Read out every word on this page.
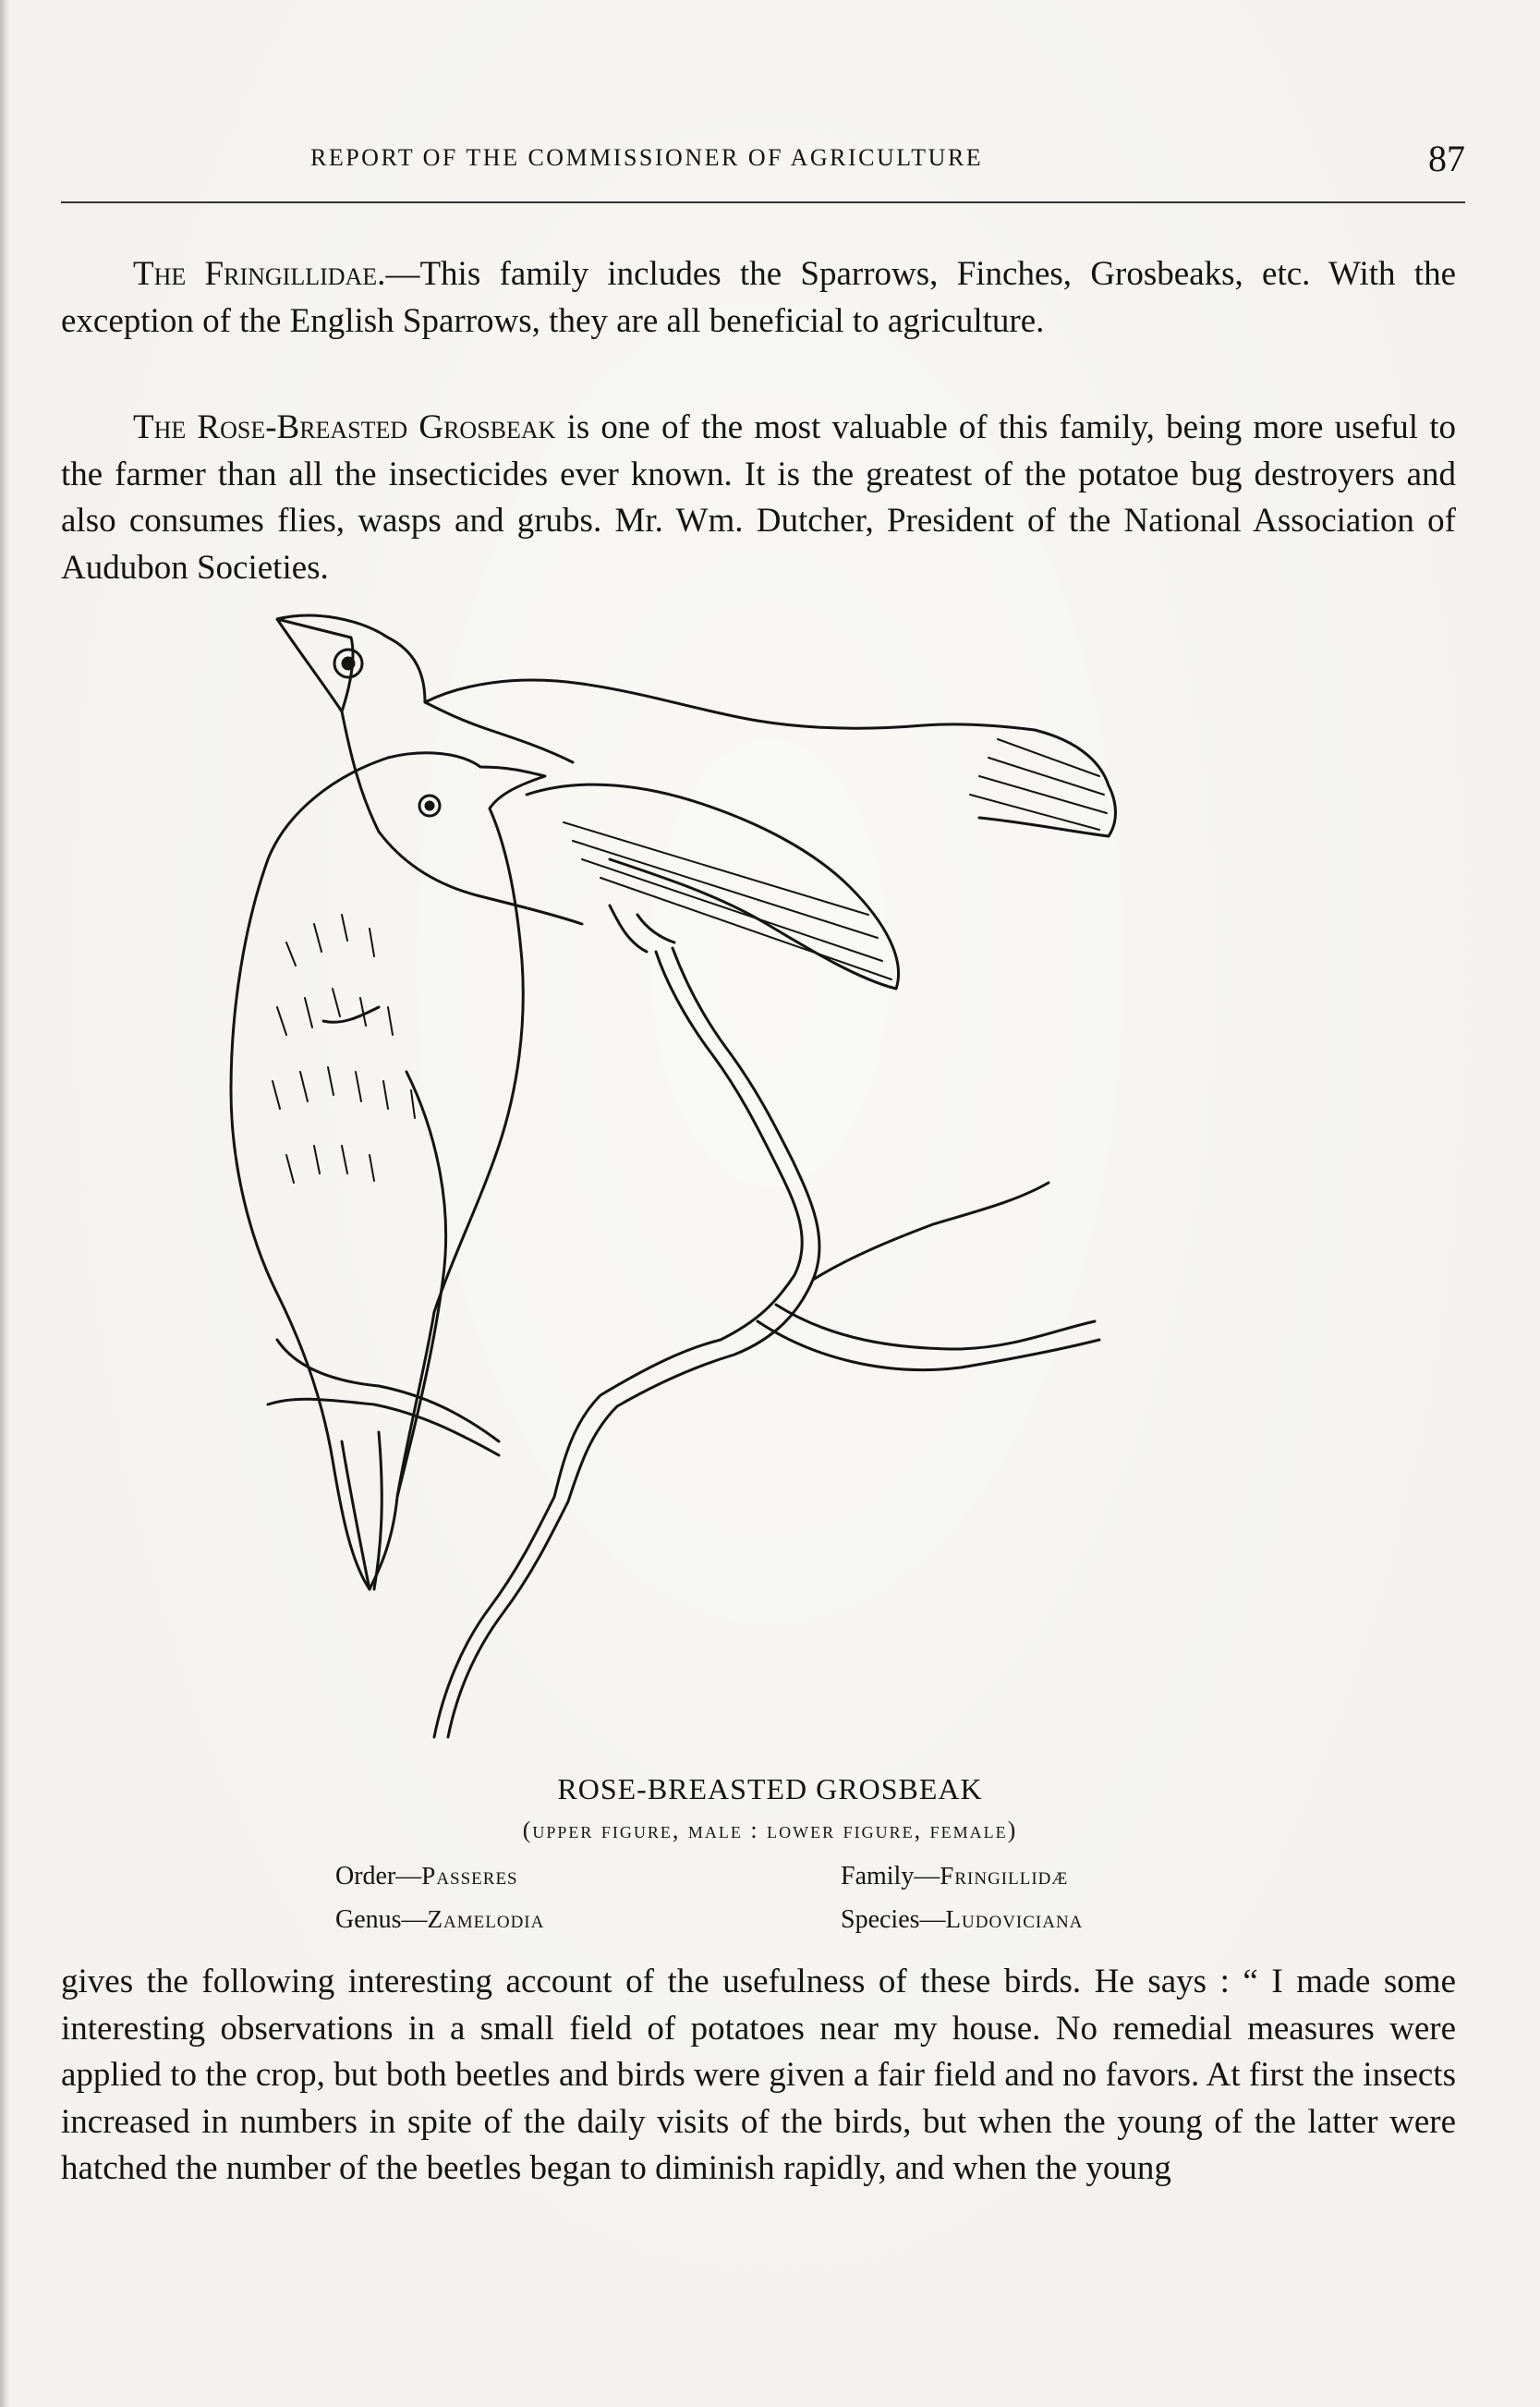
REPORT OF THE COMMISSIONER OF AGRICULTURE	87

The Fringillidae.—This family includes the Sparrows, Finches, Grosbeaks, etc. With the exception of the English Sparrows, they are all beneficial to agriculture.

The Rose-Breasted Grosbeak is one of the most valuable of this family, being more useful to the farmer than all the insecticides ever known. It is the greatest of the potatoe bug destroyers and also consumes flies, wasps and grubs. Mr. Wm. Dutcher, President of the National Association of Audubon Societies.

ROSE-BREASTED GROSBEAK
(upper figure, male : lower figure, female)
Order—Passeres	Family—Fringillidæ
Genus—Zamelodia	Species—Ludoviciana

gives the following interesting account of the usefulness of these birds. He says : “ I made some interesting observations in a small field of potatoes near my house. No remedial measures were applied to the crop, but both beetles and birds were given a fair field and no favors. At first the insects increased in numbers in spite of the daily visits of the birds, but when the young of the latter were hatched the number of the beetles began to diminish rapidly, and when the young
